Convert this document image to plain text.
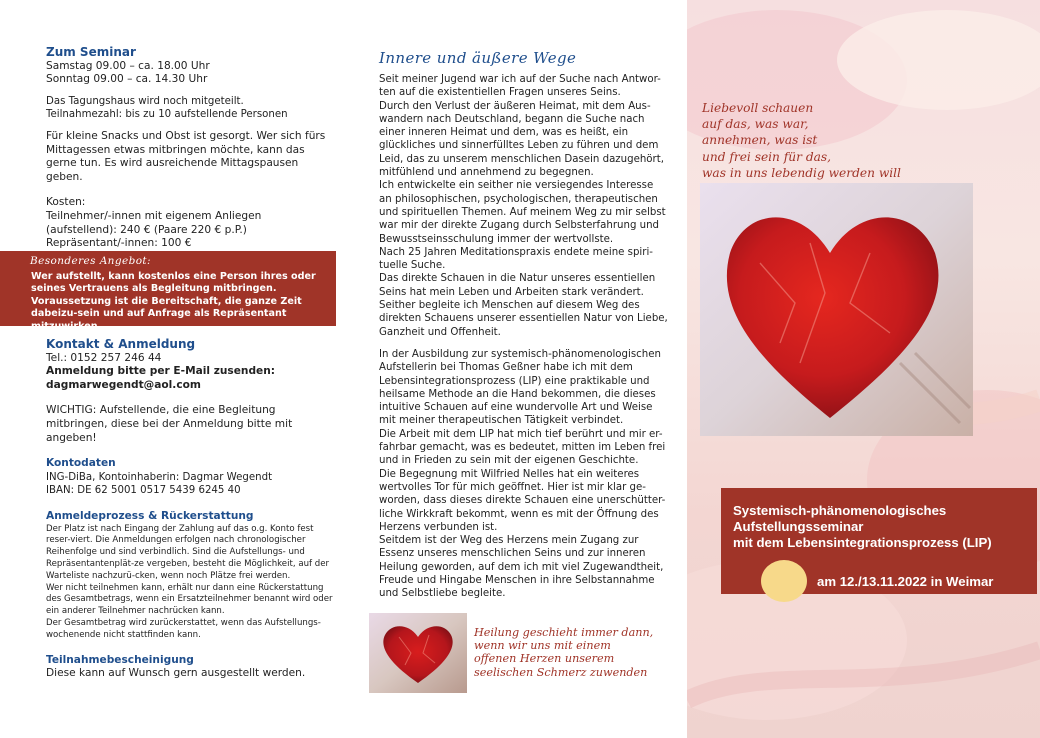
Zum Seminar

Samstag 09.00 – ca. 18.00 Uhr
Sonntag 09.00 – ca. 14.30 Uhr

Das Tagungshaus wird noch mitgeteilt.
Teilnahmezahl: bis zu 10 aufstellende Personen

Für kleine Snacks und Obst ist gesorgt. Wer sich fürs Mittagessen etwas mitbringen möchte, kann das gerne tun. Es wird ausreichende Mittagspausen geben.

Kosten:
Teilnehmer/-innen mit eigenem Anliegen
(aufstellend): 240 € (Paare 220 € p.P.)
Repräsentant/-innen: 100 €

Besonderes Angebot:
Wer aufstellt, kann kostenlos eine Person ihres oder seines Vertrauens als Begleitung mitbringen.
Voraussetzung ist die Bereitschaft, die ganze Zeit dabeizu-sein und auf Anfrage als Repräsentant mitzuwirken.
Kontakt & Anmeldung

Tel.: 0152 257 246 44

Anmeldung bitte per E-Mail zusenden:

dagmarwegendt@aol.com

WICHTIG: Aufstellende, die eine Begleitung mitbringen, diese bei der Anmeldung bitte mit angeben!

Kontodaten

ING-DiBa, Kontoinhaberin: Dagmar Wegendt
IBAN: DE 62 5001 0517 5439 6245 40

Anmeldeprozess & Rückerstattung

Der Platz ist nach Eingang der Zahlung auf das o.g. Konto fest reser-viert. Die Anmeldungen erfolgen nach chronologischer Reihenfolge und sind verbindlich. Sind die Aufstellungs- und Repräsentantenplät-ze vergeben, besteht die Möglichkeit, auf der Warteliste nachzurü-cken, wenn noch Plätze frei werden.
Wer nicht teilnehmen kann, erhält nur dann eine Rückerstattung des Gesamtbetrags, wenn ein Ersatzteilnehmer benannt wird oder ein anderer Teilnehmer nachrücken kann.
Der Gesamtbetrag wird zurückerstattet, wenn das Aufstellungs-wochenende nicht stattfinden kann.

Teilnahmebescheinigung

Diese kann auf Wunsch gern ausgestellt werden.

Innere und äußere Wege
Seit meiner Jugend war ich auf der Suche nach Antwor-ten auf die existentiellen Fragen unseres Seins.
Durch den Verlust der äußeren Heimat, mit dem Aus-wandern nach Deutschland, begann die Suche nach einer inneren Heimat und dem, was es heißt, ein glückliches und sinnerfülltes Leben zu führen und dem Leid, das zu unserem menschlichen Dasein dazugehört, mitfühlend und annehmend zu begegnen.
Ich entwickelte ein seither nie versiegendes Interesse an philosophischen, psychologischen, therapeutischen und spirituellen Themen. Auf meinem Weg zu mir selbst war mir der direkte Zugang durch Selbsterfahrung und Bewusstseinsschulung immer der wertvollste.
Nach 25 Jahren Meditationspraxis endete meine spiri-tuelle Suche.
Das direkte Schauen in die Natur unseres essentiellen Seins hat mein Leben und Arbeiten stark verändert. Seither begleite ich Menschen auf diesem Weg des direkten Schauens unserer essentiellen Natur von Liebe, Ganzheit und Offenheit.
In der Ausbildung zur systemisch-phänomenologischen Aufstellerin bei Thomas Geßner habe ich mit dem Lebensintegrationsprozess (LIP) eine praktikable und heilsame Methode an die Hand bekommen, die dieses intuitive Schauen auf eine wundervolle Art und Weise mit meiner therapeutischen Tätigkeit verbindet.
Die Arbeit mit dem LIP hat mich tief berührt und mir er-fahrbar gemacht, was es bedeutet, mitten im Leben frei und in Frieden zu sein mit der eigenen Geschichte.
Die Begegnung mit Wilfried Nelles hat ein weiteres wertvolles Tor für mich geöffnet. Hier ist mir klar ge-worden, dass dieses direkte Schauen eine unerschütter-liche Wirkkraft bekommt, wenn es mit der Öffnung des Herzens verbunden ist.
Seitdem ist der Weg des Herzens mein Zugang zur Essenz unseres menschlichen Seins und zur inneren Heilung geworden, auf dem ich mit viel Zugewandtheit, Freude und Hingabe Menschen in ihre Selbstannahme und Selbstliebe begleite.
Heilung geschieht immer dann,
wenn wir uns mit einem
offenen Herzen unserem
seelischen Schmerz zuwenden
Liebevoll schauen
auf das, was war,
annehmen, was ist
und frei sein für das,
was in uns lebendig werden will
Systemisch-phänomenologisches
Aufstellungsseminar
mit dem Lebensintegrationsprozess (LIP)
am 12./13.11.2022 in Weimar
